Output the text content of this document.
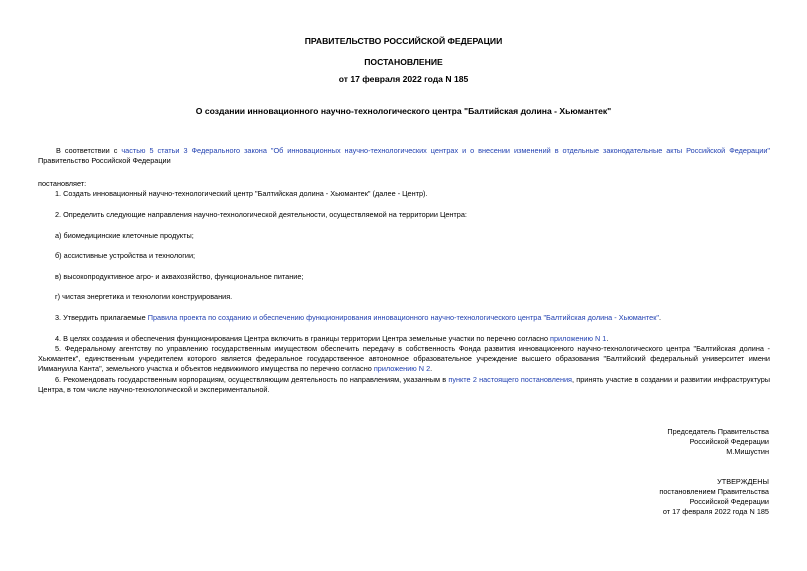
ПРАВИТЕЛЬСТВО РОССИЙСКОЙ ФЕДЕРАЦИИ
ПОСТАНОВЛЕНИЕ
от 17 февраля 2022 года N 185
О создании инновационного научно-технологического центра "Балтийская долина - Хьюмантек"

В соответствии с частью 5 статьи 3 Федерального закона "Об инновационных научно-технологических центрах и о внесении изменений в отдельные законодательные акты Российской Федерации" Правительство Российской Федерации

постановляет:

1. Создать инновационный научно-технологический центр "Балтийская долина - Хьюмантек" (далее - Центр).

2. Определить следующие направления научно-технологической деятельности, осуществляемой на территории Центра:

а) биомедицинские клеточные продукты;

б) ассистивные устройства и технологии;

в) высокопродуктивное агро- и аквахозяйство, функциональное питание;

г) чистая энергетика и технологии конструирования.

3. Утвердить прилагаемые Правила проекта по созданию и обеспечению функционирования инновационного научно-технологического центра "Балтийская долина - Хьюмантек".

4. В целях создания и обеспечения функционирования Центра включить в границы территории Центра земельные участки по перечню согласно приложению N 1.

5. Федеральному агентству по управлению государственным имуществом обеспечить передачу в собственность Фонда развития инновационного научно-технологического центра "Балтийская долина - Хьюмантек", единственным учредителем которого является федеральное государственное автономное образовательное учреждение высшего образования "Балтийский федеральный университет имени Иммануила Канта", земельного участка и объектов недвижимого имущества по перечню согласно приложению N 2.

6. Рекомендовать государственным корпорациям, осуществляющим деятельность по направлениям, указанным в пункте 2 настоящего постановления, принять участие в создании и развитии инфраструктуры Центра, в том числе научно-технологической и экспериментальной.

Председатель Правительства
Российской Федерации
М.Мишустин
УТВЕРЖДЕНЫ
постановлением Правительства
Российской Федерации
от 17 февраля 2022 года N 185
